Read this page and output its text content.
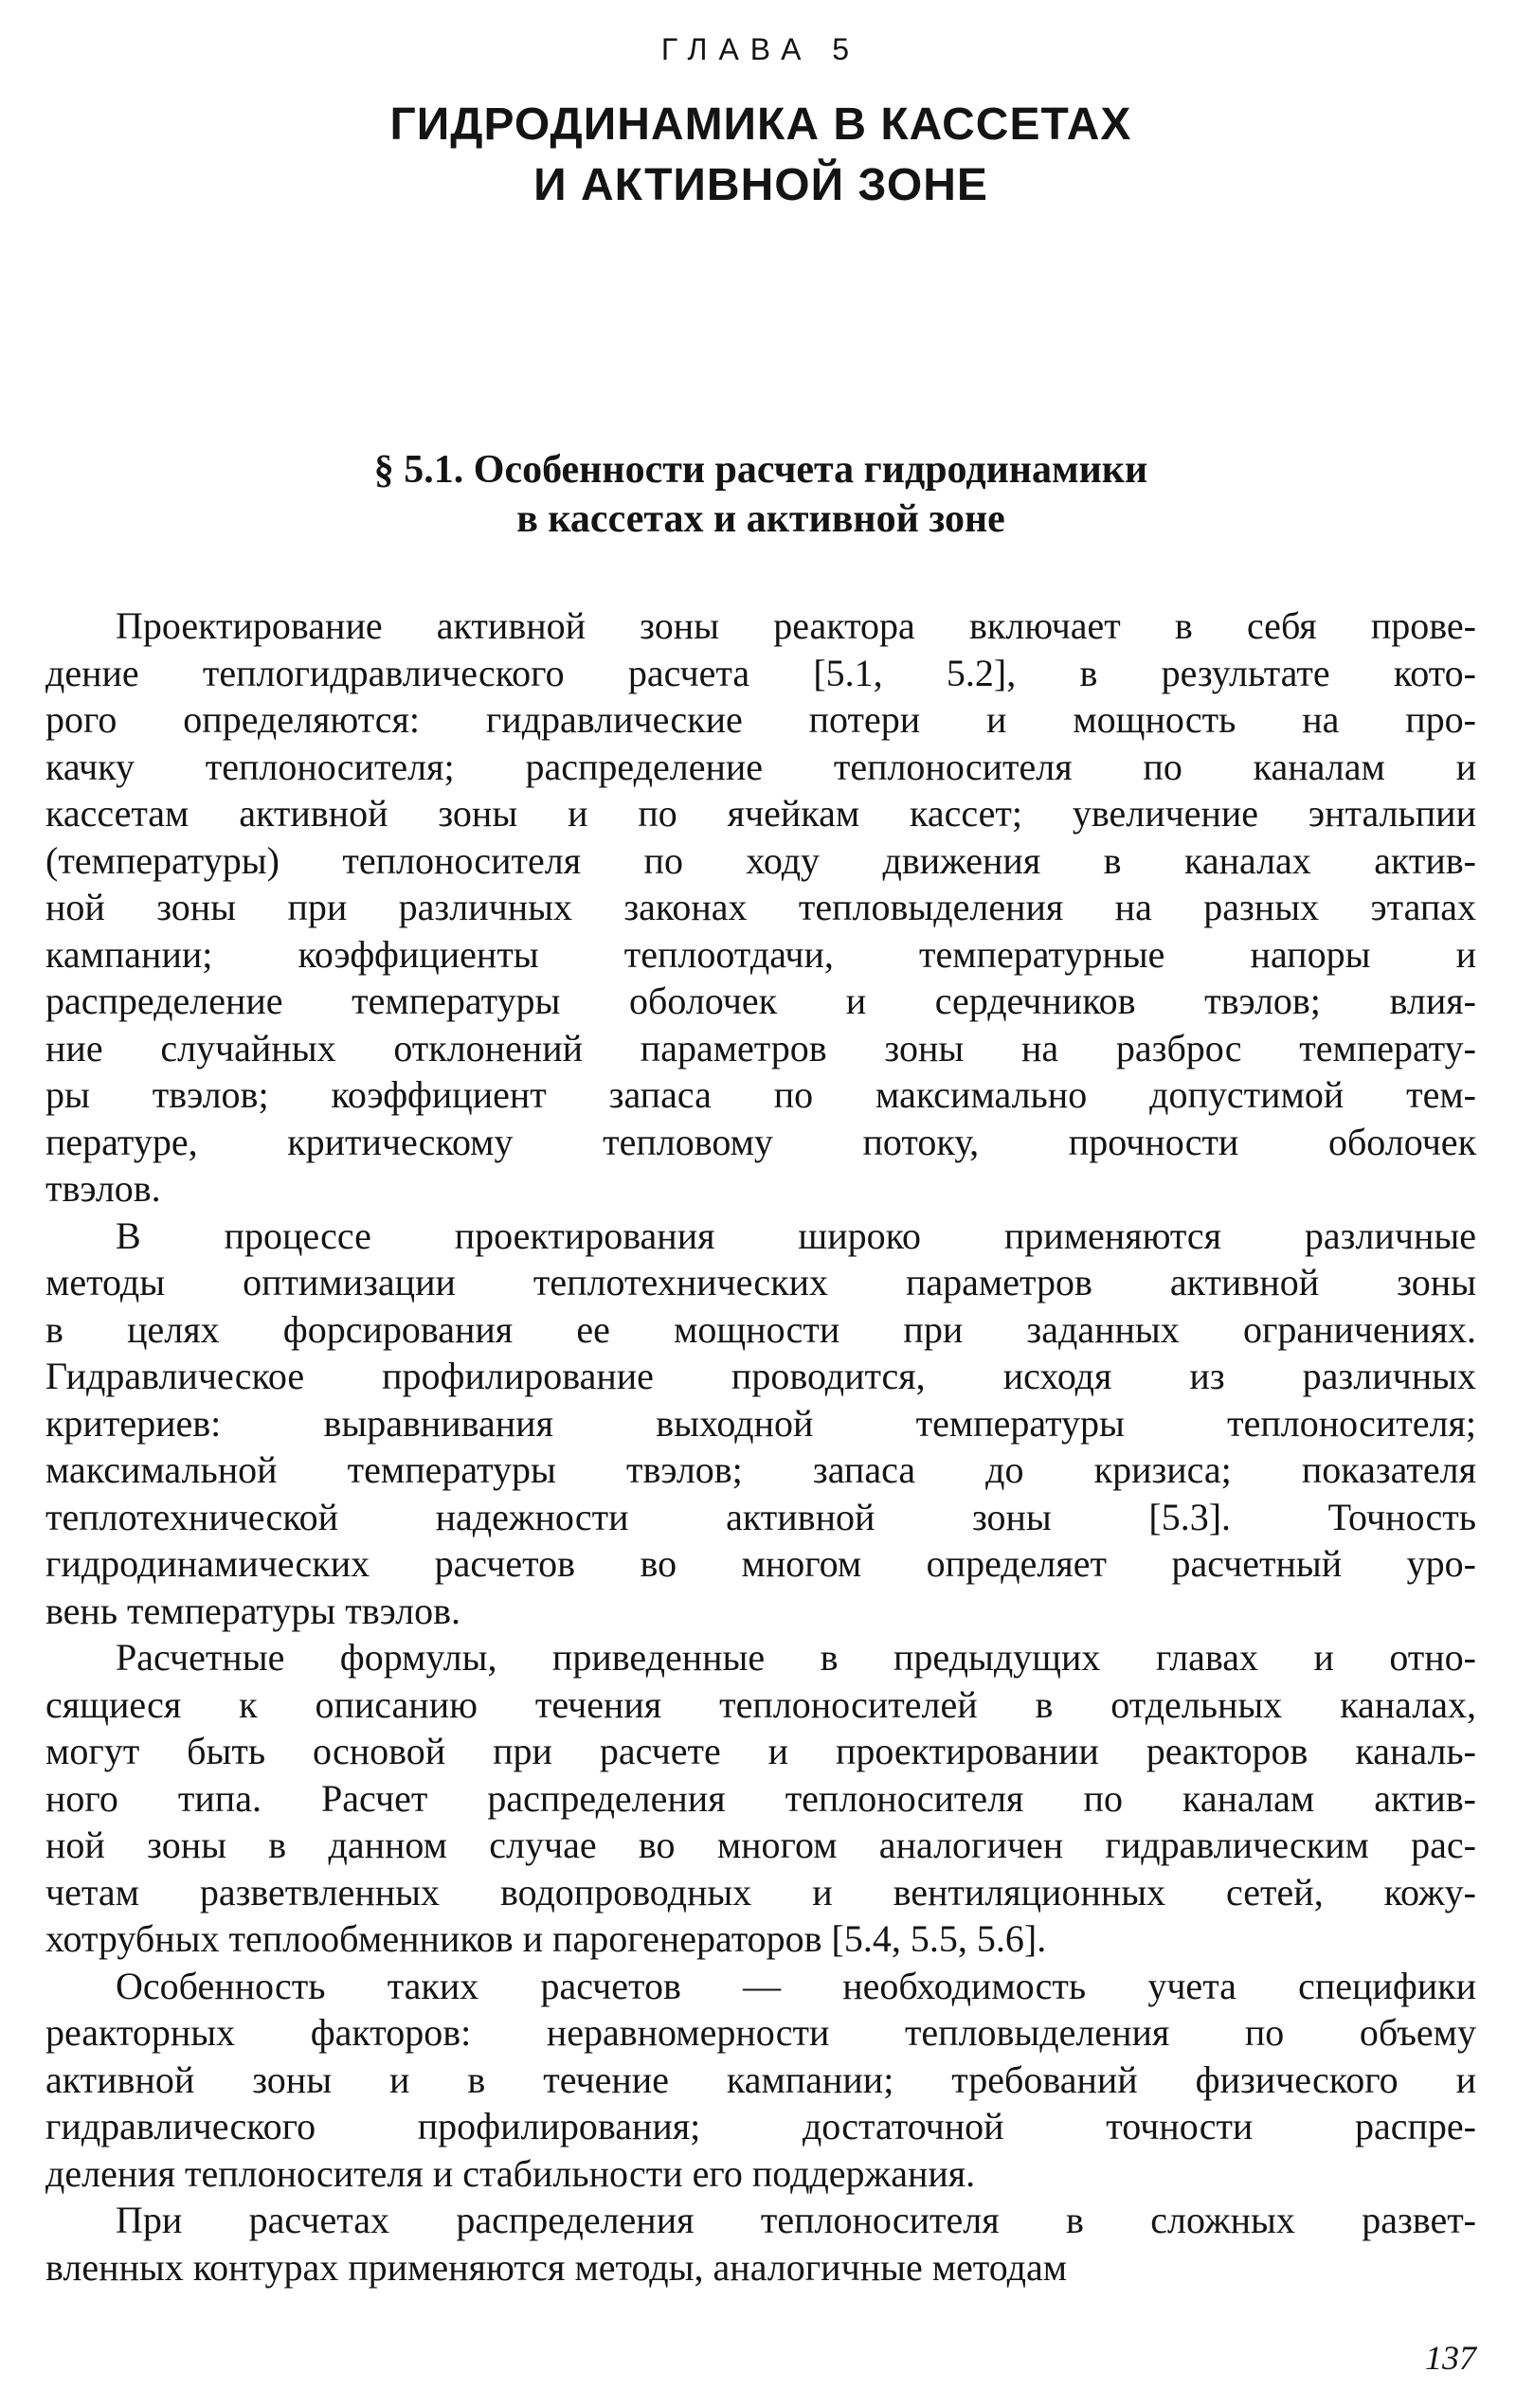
ГЛАВА 5
ГИДРОДИНАМИКА В КАССЕТАХ
И АКТИВНОЙ ЗОНЕ
§ 5.1. Особенности расчета гидродинамики
в кассетах и активной зоне
Проектирование активной зоны реактора включает в себя прове-
дение теплогидравлического расчета [5.1, 5.2], в результате кото-
рого определяются: гидравлические потери и мощность на про-
качку теплоносителя; распределение теплоносителя по каналам и
кассетам активной зоны и по ячейкам кассет; увеличение энтальпии
(температуры) теплоносителя по ходу движения в каналах актив-
ной зоны при различных законах тепловыделения на разных этапах
кампании; коэффициенты теплоотдачи, температурные напоры и
распределение температуры оболочек и сердечников твэлов; влия-
ние случайных отклонений параметров зоны на разброс температу-
ры твэлов; коэффициент запаса по максимально допустимой тем-
пературе, критическому тепловому потоку, прочности оболочек
твэлов.
В процессе проектирования широко применяются различные
методы оптимизации теплотехнических параметров активной зоны
в целях форсирования ее мощности при заданных ограничениях.
Гидравлическое профилирование проводится, исходя из различных
критериев: выравнивания выходной температуры теплоносителя;
максимальной температуры твэлов; запаса до кризиса; показателя
теплотехнической надежности активной зоны [5.3]. Точность
гидродинамических расчетов во многом определяет расчетный уро-
вень температуры твэлов.
Расчетные формулы, приведенные в предыдущих главах и отно-
сящиеся к описанию течения теплоносителей в отдельных каналах,
могут быть основой при расчете и проектировании реакторов каналь-
ного типа. Расчет распределения теплоносителя по каналам актив-
ной зоны в данном случае во многом аналогичен гидравлическим рас-
четам разветвленных водопроводных и вентиляционных сетей, кожу-
хотрубных теплообменников и парогенераторов [5.4, 5.5, 5.6].
Особенность таких расчетов — необходимость учета специфики
реакторных факторов: неравномерности тепловыделения по объему
активной зоны и в течение кампании; требований физического и
гидравлического профилирования; достаточной точности распре-
деления теплоносителя и стабильности его поддержания.
При расчетах распределения теплоносителя в сложных развет-
вленных контурах применяются методы, аналогичные методам
137
